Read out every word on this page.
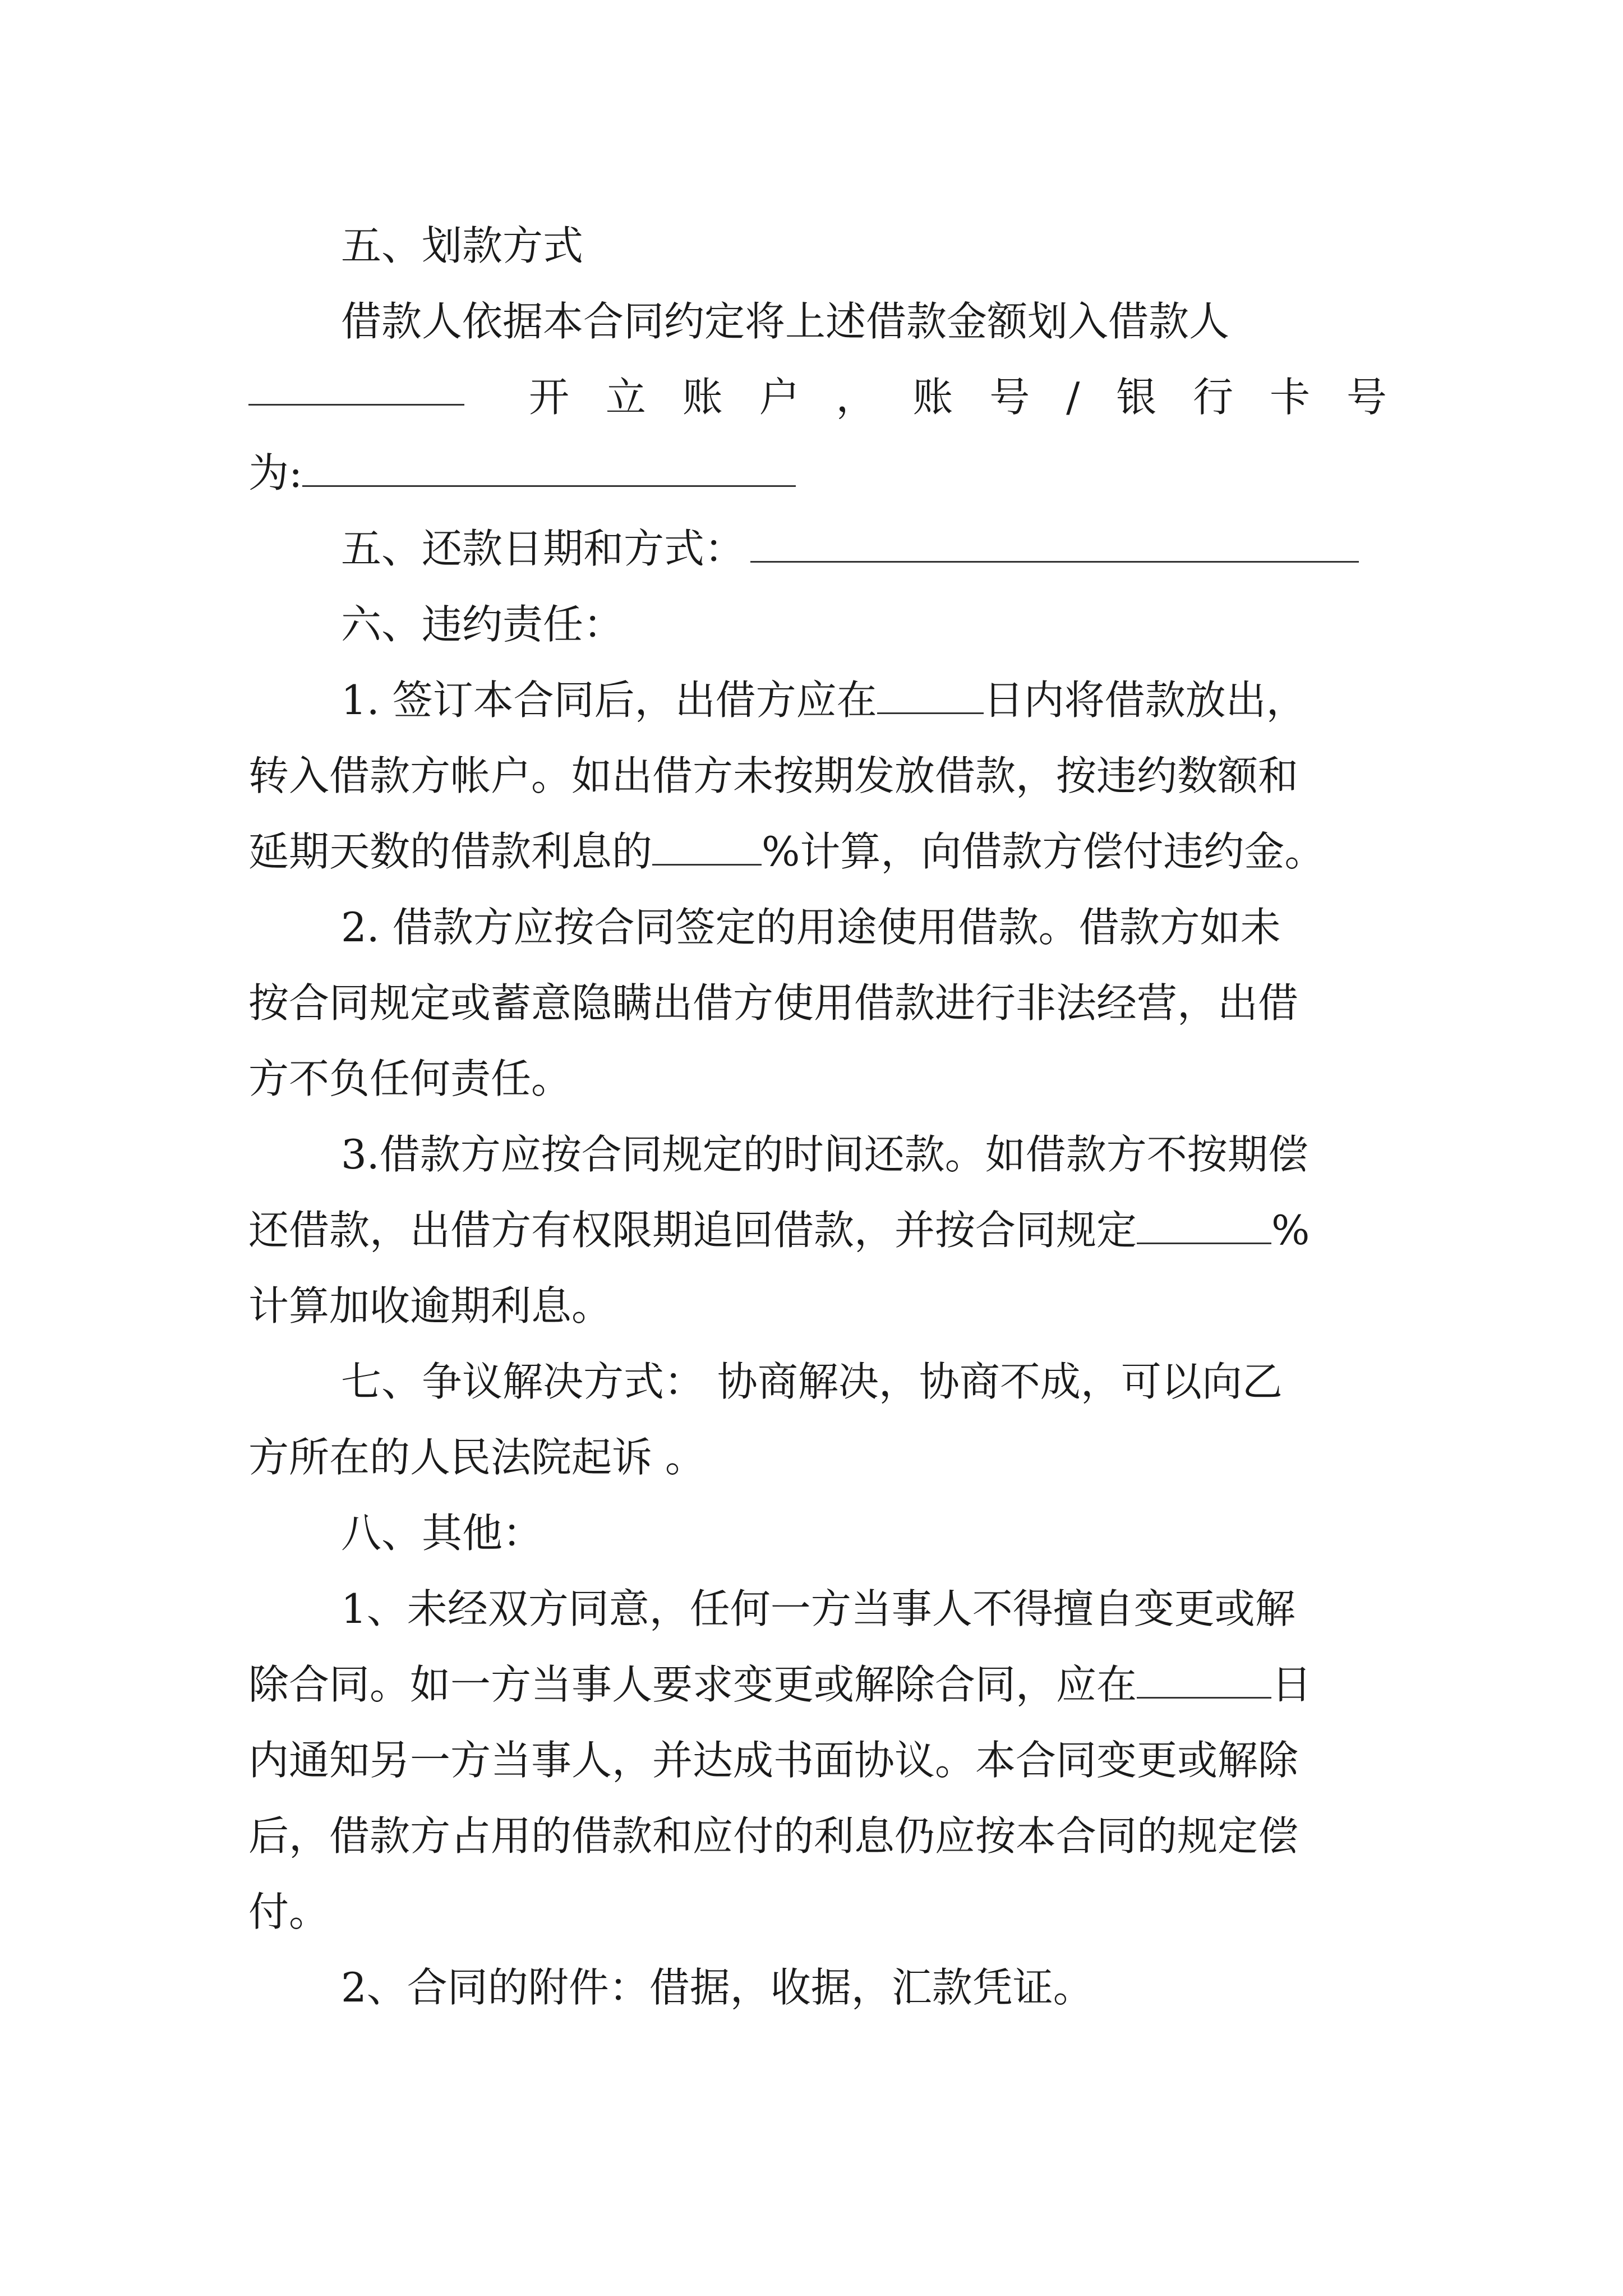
五、划款方式
借款人依据本合同约定将上述借款金额划入借款人
开 立 账 户 ， 账 号 / 银 行 卡 号
为:
五、还款日期和方式：
六、违约责任：
1. 签订本合同后，出借方应在	日内将借款放出，
转入借款方帐户。如出借方未按期发放借款，按违约数额和
延期天数的借款利息的	%计算，向借款方偿付违约金。
2. 借款方应按合同签定的用途使用借款。借款方如未
按合同规定或蓄意隐瞒出借方使用借款进行非法经营，出借
方不负任何责任。
3.借款方应按合同规定的时间还款。如借款方不按期偿
还借款，出借方有权限期追回借款，并按合同规定	%
计算加收逾期利息。
七、争议解决方式： 协商解决，协商不成，可以向乙
方所在的人民法院起诉 。
八、其他：
1、未经双方同意，任何一方当事人不得擅自变更或解
除合同。如一方当事人要求变更或解除合同，应在	日
内通知另一方当事人，并达成书面协议。本合同变更或解除
后，借款方占用的借款和应付的利息仍应按本合同的规定偿
付。
2、合同的附件：借据，收据，汇款凭证。
